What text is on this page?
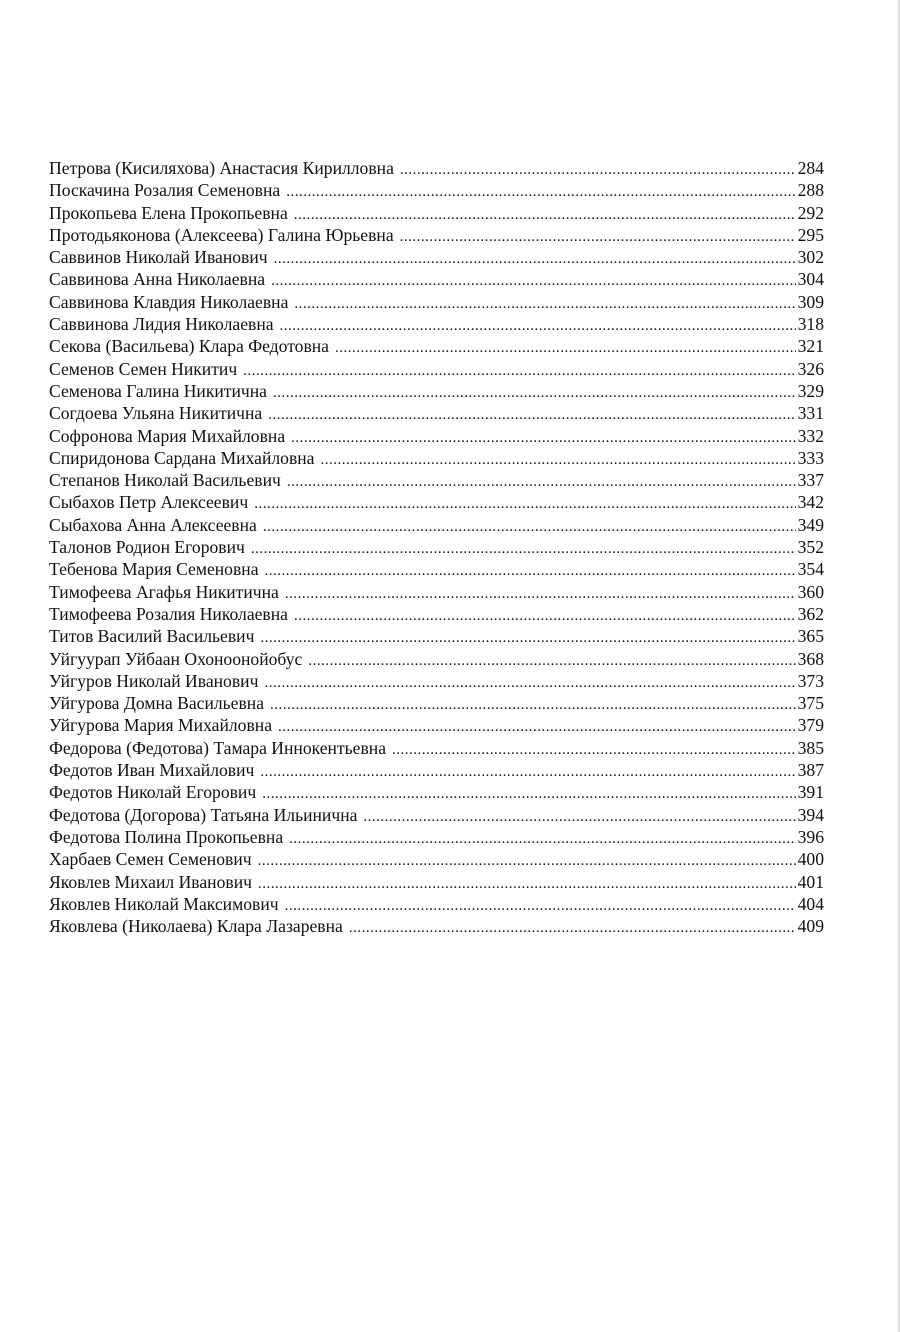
Петрова (Кисиляхова) Анастасия Кирилловна .....	284
Поскачина Розалия Семеновна .....	288
Прокопьева Елена Прокопьевна .....	292
Протодьяконова (Алексеева) Галина Юрьевна .....	295
Саввинов Николай Иванович .....	302
Саввинова Анна Николаевна .....	304
Саввинова Клавдия Николаевна .....	309
Саввинова Лидия Николаевна .....	318
Секова (Васильева) Клара Федотовна .....	321
Семенов Семен Никитич .....	326
Семенова Галина Никитична .....	329
Согдоева Ульяна Никитична .....	331
Софронова Мария Михайловна .....	332
Спиридонова Сардана Михайловна .....	333
Степанов Николай Васильевич .....	337
Сыбахов Петр Алексеевич .....	342
Сыбахова Анна Алексеевна .....	349
Талонов Родион Егорович .....	352
Тебенова Мария Семеновна .....	354
Тимофеева Агафья Никитична .....	360
Тимофеева Розалия Николаевна .....	362
Титов Василий Васильевич .....	365
Уйгуурап Уйбаан Охоноонойобус .....	368
Уйгуров Николай Иванович .....	373
Уйгурова Домна Васильевна .....	375
Уйгурова Мария Михайловна .....	379
Федорова (Федотова) Тамара Иннокентьевна .....	385
Федотов Иван Михайлович .....	387
Федотов Николай Егорович .....	391
Федотова (Догорова) Татьяна Ильинична .....	394
Федотова Полина Прокопьевна .....	396
Харбаев Семен Семенович .....	400
Яковлев Михаил Иванович .....	401
Яковлев Николай Максимович .....	404
Яковлева (Николаева) Клара Лазаревна .....	409
